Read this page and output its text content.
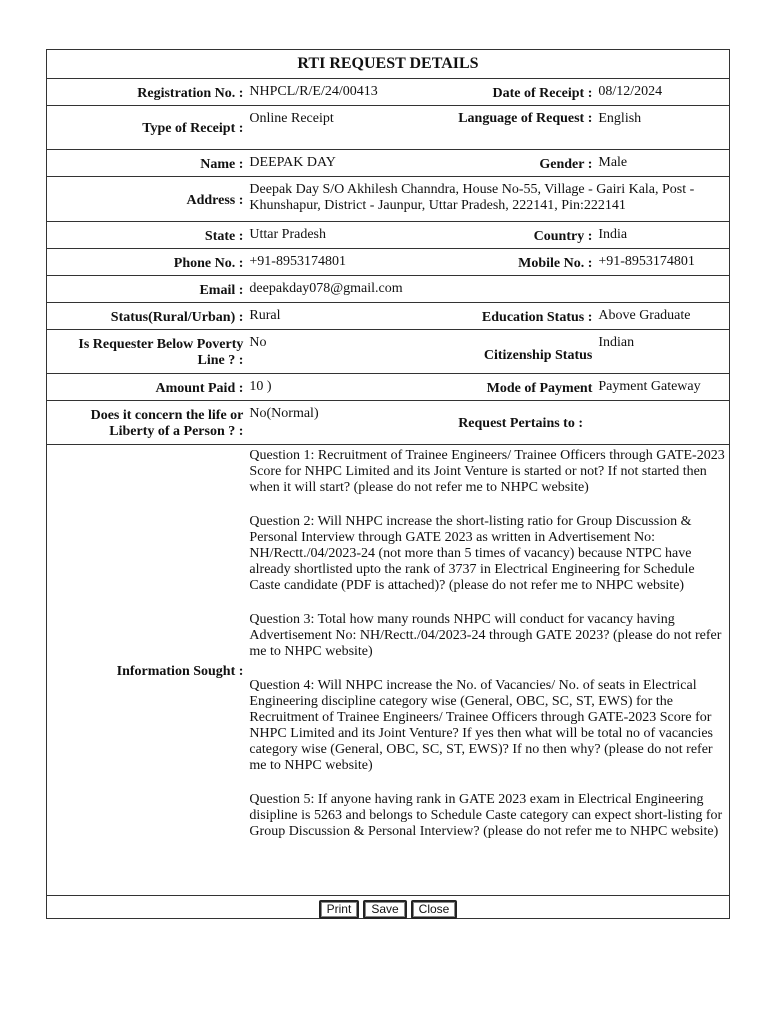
RTI REQUEST DETAILS
Registration No. : NHPCL/R/E/24/00413	Date of Receipt : 08/12/2024
Type of Receipt :
Online Receipt	Language of Request : English
Name : DEEPAK DAY	Gender : Male
Address :
Deepak Day S/O Akhilesh Channdra, House No-55, Village - Gairi Kala, Post - Khunshapur, District - Jaunpur, Uttar Pradesh, 222141, Pin:222141
State : Uttar Pradesh	Country : India
Phone No. : +91-8953174801	Mobile No. : +91-8953174801
Email : deepakday078@gmail.com
Status(Rural/Urban) : Rural	Education Status : Above Graduate
Is Requester Below Poverty Line ? :
No
Citizenship Status
Indian
Amount Paid : 10 )	Mode of Payment Payment Gateway
Does it concern the life or Liberty of a Person ? :
No(Normal)
Request Pertains to :
Information Sought :

Question 1: Recruitment of Trainee Engineers/ Trainee Officers through GATE-2023 Score for NHPC Limited and its Joint Venture is started or not? If not started then when it will start? (please do not refer me to NHPC website)

Question 2: Will NHPC increase the short-listing ratio for Group Discussion & Personal Interview through GATE 2023 as written in Advertisement No: NH/Rectt./04/2023-24 (not more than 5 times of vacancy) because NTPC have already shortlisted upto the rank of 3737 in Electrical Engineering for Schedule Caste candidate (PDF is attached)? (please do not refer me to NHPC website)

Question 3: Total how many rounds NHPC will conduct for vacancy having Advertisement No: NH/Rectt./04/2023-24 through GATE 2023? (please do not refer me to NHPC website)

Question 4: Will NHPC increase the No. of Vacancies/ No. of seats in Electrical Engineering discipline category wise (General, OBC, SC, ST, EWS) for the Recruitment of Trainee Engineers/ Trainee Officers through GATE-2023 Score for NHPC Limited and its Joint Venture? If yes then what will be total no of vacancies category wise (General, OBC, SC, ST, EWS)? If no then why? (please do not refer me to NHPC website)

Question 5: If anyone having rank in GATE 2023 exam in Electrical Engineering disipline is 5263 and belongs to Schedule Caste category can expect short-listing for Group Discussion & Personal Interview? (please do not refer me to NHPC website)

Print	Save	Close
